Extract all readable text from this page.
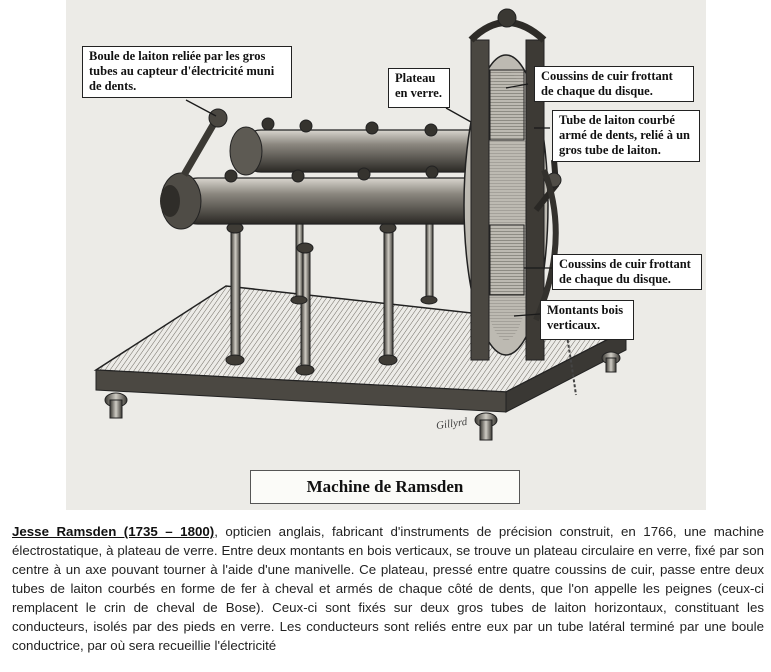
Boule de laiton reliée par les gros tubes au capteur d'électricité muni de dents.
Plateau en verre.
Coussins de cuir frottant de chaque du disque.
Tube de laiton courbé armé de dents, relié à un gros tube de laiton.
Coussins de cuir frottant de chaque du disque.
Montants bois verticaux.
Gillyrd
Machine de Ramsden

Jesse Ramsden (1735 – 1800), opticien anglais, fabricant d'instruments de précision construit, en 1766, une machine électrostatique, à plateau de verre. Entre deux montants en bois verticaux, se trouve un plateau circulaire en verre, fixé par son centre à un axe pouvant tourner à l'aide d'une manivelle. Ce plateau, pressé entre quatre coussins de cuir, passe entre deux tubes de laiton courbés en forme de fer à cheval et armés de chaque côté de dents, que l'on appelle les peignes (ceux-ci remplacent le crin de cheval de Bose). Ceux-ci sont fixés sur deux gros tubes de laiton horizontaux, constituant les conducteurs, isolés par des pieds en verre. Les conducteurs sont reliés entre eux par un tube latéral terminé par une boule conductrice, par où sera recueillie l'électricité
